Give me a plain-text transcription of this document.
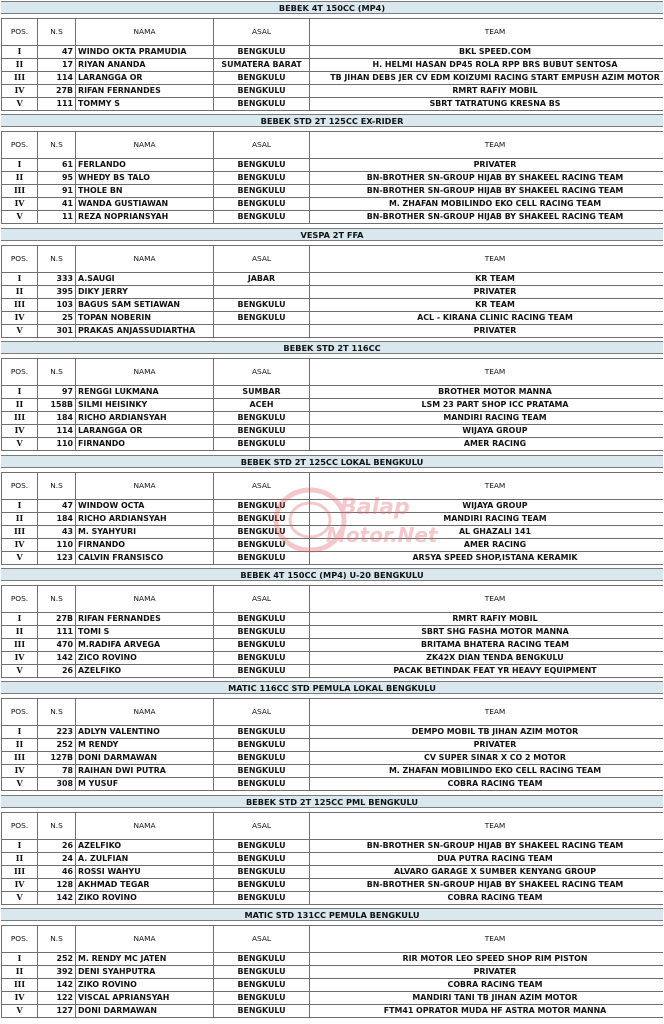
BEBEK 4T 150CC (MP4)
POS.	N.S	NAMA	ASAL	TEAM
I	47	WINDO OKTA PRAMUDIA	BENGKULU	BKL SPEED.COM
II	17	RIYAN ANANDA	SUMATERA BARAT	H. HELMI HASAN DP45 ROLA RPP BRS BUBUT SENTOSA
III	114	LARANGGA OR	BENGKULU	TB JIHAN DEBS JER CV EDM KOIZUMI RACING START EMPUSH AZIM MOTOR
IV	27B	RIFAN FERNANDES	BENGKULU	RMRT RAFIY MOBIL
V	111	TOMMY S	BENGKULU	SBRT TATRATUNG KRESNA BS
BEBEK STD 2T 125CC EX-RIDER
POS.	N.S	NAMA	ASAL	TEAM
I	61	FERLANDO	BENGKULU	PRIVATER
II	95	WHEDY BS TALO	BENGKULU	BN-BROTHER SN-GROUP HIJAB BY SHAKEEL RACING TEAM
III	91	THOLE BN	BENGKULU	BN-BROTHER SN-GROUP HIJAB BY SHAKEEL RACING TEAM
IV	41	WANDA GUSTIAWAN	BENGKULU	M. ZHAFAN MOBILINDO EKO CELL RACING TEAM
V	11	REZA NOPRIANSYAH	BENGKULU	BN-BROTHER SN-GROUP HIJAB BY SHAKEEL RACING TEAM
VESPA 2T FFA
POS.	N.S	NAMA	ASAL	TEAM
I	333	A.SAUGI	JABAR	KR TEAM
II	395	DIKY JERRY		PRIVATER
III	103	BAGUS SAM SETIAWAN	BENGKULU	KR TEAM
IV	25	TOPAN NOBERIN	BENGKULU	ACL - KIRANA CLINIC RACING TEAM
V	301	PRAKAS ANJASSUDIARTHA		PRIVATER
BEBEK STD 2T 116CC
POS.	N.S	NAMA	ASAL	TEAM
I	97	RENGGI LUKMANA	SUMBAR	BROTHER MOTOR MANNA
II	158B	SILMI HEISINKY	ACEH	LSM 23 PART SHOP ICC PRATAMA
III	184	RICHO ARDIANSYAH	BENGKULU	MANDIRI RACING TEAM
IV	114	LARANGGA OR	BENGKULU	WIJAYA GROUP
V	110	FIRNANDO	BENGKULU	AMER RACING
BEBEK STD 2T 125CC LOKAL BENGKULU
POS.	N.S	NAMA	ASAL	TEAM
I	47	WINDOW OCTA	BENGKULU	WIJAYA GROUP
II	184	RICHO ARDIANSYAH	BENGKULU	MANDIRI RACING TEAM
III	43	M. SYAHYURI	BENGKULU	AL GHAZALI 141
IV	110	FIRNANDO	BENGKULU	AMER RACING
V	123	CALVIN FRANSISCO	BENGKULU	ARSYA SPEED SHOP,ISTANA KERAMIK
BEBEK 4T 150CC (MP4) U-20 BENGKULU
POS.	N.S	NAMA	ASAL	TEAM
I	27B	RIFAN FERNANDES	BENGKULU	RMRT RAFIY MOBIL
II	111	TOMI S	BENGKULU	SBRT SHG FASHA MOTOR MANNA
III	470	M.RADIFA ARVEGA	BENGKULU	BRITAMA BHATERA RACING TEAM
IV	142	ZICO ROVINO	BENGKULU	ZK42X DIAN TENDA BENGKULU
V	26	AZELFIKO	BENGKULU	PACAK BETINDAK FEAT YR HEAVY EQUIPMENT
MATIC 116CC STD PEMULA LOKAL BENGKULU
POS.	N.S	NAMA	ASAL	TEAM
I	223	ADLYN VALENTINO	BENGKULU	DEMPO MOBIL TB JIHAN AZIM MOTOR
II	252	M RENDY	BENGKULU	PRIVATER
III	127B	DONI DARMAWAN	BENGKULU	CV SUPER SINAR X CO 2 MOTOR
IV	78	RAIHAN DWI PUTRA	BENGKULU	M. ZHAFAN MOBILINDO EKO CELL RACING TEAM
V	308	M YUSUF	BENGKULU	COBRA RACING TEAM
BEBEK STD 2T 125CC PML BENGKULU
POS.	N.S	NAMA	ASAL	TEAM
I	26	AZELFIKO	BENGKULU	BN-BROTHER SN-GROUP HIJAB BY SHAKEEL RACING TEAM
II	24	A. ZULFIAN	BENGKULU	DUA PUTRA RACING TEAM
III	46	ROSSI WAHYU	BENGKULU	ALVARO GARAGE X SUMBER KENYANG GROUP
IV	128	AKHMAD TEGAR	BENGKULU	BN-BROTHER SN-GROUP HIJAB BY SHAKEEL RACING TEAM
V	142	ZIKO ROVINO	BENGKULU	COBRA RACING TEAM
MATIC STD 131CC PEMULA BENGKULU
POS.	N.S	NAMA	ASAL	TEAM
I	252	M. RENDY MC JATEN	BENGKULU	RIR MOTOR LEO SPEED SHOP RIM PISTON
II	392	DENI SYAHPUTRA	BENGKULU	PRIVATER
III	142	ZIKO ROVINO	BENGKULU	COBRA RACING TEAM
IV	122	VISCAL APRIANSYAH	BENGKULU	MANDIRI TANI TB JIHAN AZIM MOTOR
V	127	DONI DARMAWAN	BENGKULU	FTM41 OPRATOR MUDA HF ASTRA MOTOR MANNA
Balap
Motor.Net
